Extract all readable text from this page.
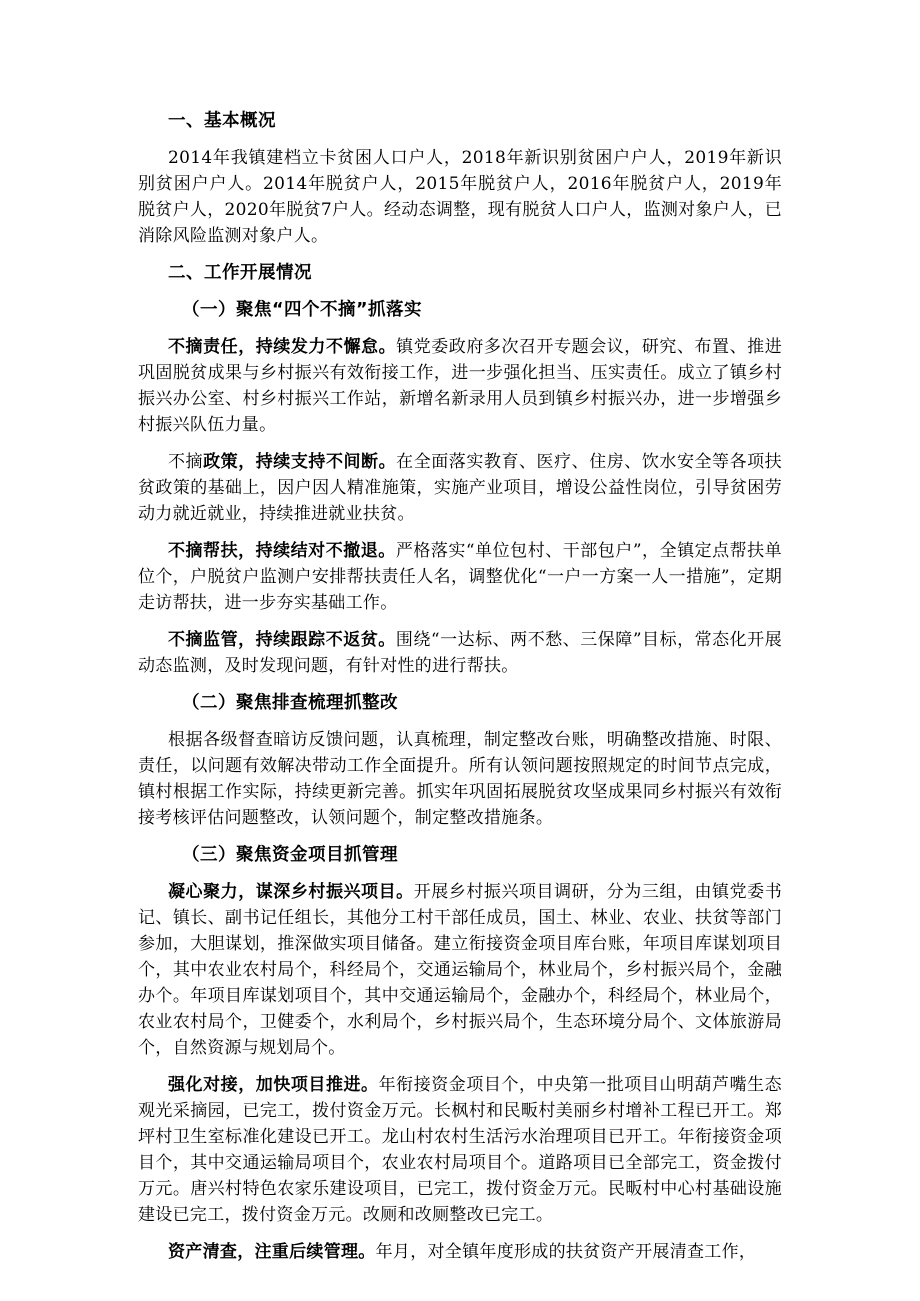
一、基本概况
2014年我镇建档立卡贫困人口户人，2018年新识别贫困户户人，2019年新识别贫困户户人。2014年脱贫户人，2015年脱贫户人，2016年脱贫户人，2019年脱贫户人，2020年脱贫7户人。经动态调整，现有脱贫人口户人，监测对象户人，已消除风险监测对象户人。
二、工作开展情况
（一）聚焦“四个不摘”抓落实
不摘责任，持续发力不懈怠。镇党委政府多次召开专题会议，研究、布置、推进巩固脱贫成果与乡村振兴有效衔接工作，进一步强化担当、压实责任。成立了镇乡村振兴办公室、村乡村振兴工作站，新增名新录用人员到镇乡村振兴办，进一步增强乡村振兴队伍力量。
不摘政策，持续支持不间断。在全面落实教育、医疗、住房、饮水安全等各项扶贫政策的基础上，因户因人精准施策，实施产业项目，增设公益性岗位，引导贫困劳动力就近就业，持续推进就业扶贫。
不摘帮扶，持续结对不撤退。严格落实“单位包村、干部包户”，全镇定点帮扶单位个，户脱贫户监测户安排帮扶责任人名，调整优化“一户一方案一人一措施”，定期走访帮扶，进一步夯实基础工作。
不摘监管，持续跟踪不返贫。围绕“一达标、两不愁、三保障”目标，常态化开展动态监测，及时发现问题，有针对性的进行帮扶。
（二）聚焦排查梳理抓整改
根据各级督查暗访反馈问题，认真梳理，制定整改台账，明确整改措施、时限、责任，以问题有效解决带动工作全面提升。所有认领问题按照规定的时间节点完成，镇村根据工作实际，持续更新完善。抓实年巩固拓展脱贫攻坚成果同乡村振兴有效衔接考核评估问题整改，认领问题个，制定整改措施条。
（三）聚焦资金项目抓管理
凝心聚力，谋深乡村振兴项目。开展乡村振兴项目调研，分为三组，由镇党委书记、镇长、副书记任组长，其他分工村干部任成员，国土、林业、农业、扶贫等部门参加，大胆谋划，推深做实项目储备。建立衔接资金项目库台账，年项目库谋划项目个，其中农业农村局个，科经局个，交通运输局个，林业局个，乡村振兴局个，金融办个。年项目库谋划项目个，其中交通运输局个，金融办个，科经局个，林业局个，农业农村局个，卫健委个，水利局个，乡村振兴局个，生态环境分局个、文体旅游局个，自然资源与规划局个。
强化对接，加快项目推进。年衔接资金项目个，中央第一批项目山明葫芦嘴生态观光采摘园，已完工，拨付资金万元。长枫村和民畈村美丽乡村增补工程已开工。郑坪村卫生室标准化建设已开工。龙山村农村生活污水治理项目已开工。年衔接资金项目个，其中交通运输局项目个，农业农村局项目个。道路项目已全部完工，资金拨付万元。唐兴村特色农家乐建设项目，已完工，拨付资金万元。民畈村中心村基础设施建设已完工，拨付资金万元。改厕和改厕整改已完工。
资产清查，注重后续管理。年月，对全镇年度形成的扶贫资产开展清查工作，
